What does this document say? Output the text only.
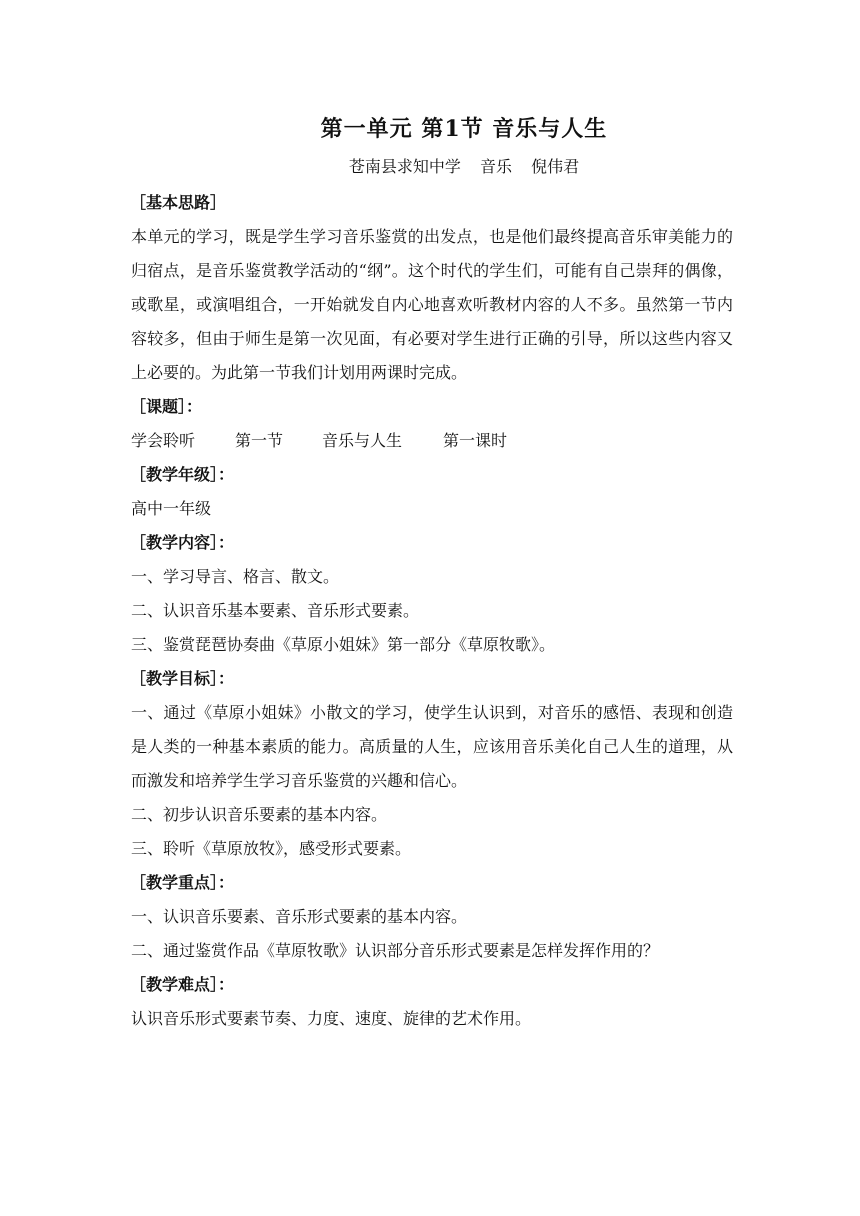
第一单元 第1节 音乐与人生
苍南县求知中学 音乐 倪伟君
［基本思路］
本单元的学习，既是学生学习音乐鉴赏的出发点，也是他们最终提高音乐审美能力的归宿点，是音乐鉴赏教学活动的“纲”。这个时代的学生们，可能有自己崇拜的偶像，或歌星，或演唱组合，一开始就发自内心地喜欢听教材内容的人不多。虽然第一节内容较多，但由于师生是第一次见面，有必要对学生进行正确的引导，所以这些内容又上必要的。为此第一节我们计划用两课时完成。
［课题］：
学会聆听 第一节 音乐与人生	第一课时
［教学年级］：
高中一年级
［教学内容］：
一、学习导言、格言、散文。
二、认识音乐基本要素、音乐形式要素。
三、鉴赏琵琶协奏曲《草原小姐妹》第一部分《草原牧歌》。
［教学目标］：
一、通过《草原小姐妹》小散文的学习，使学生认识到，对音乐的感悟、表现和创造是人类的一种基本素质的能力。高质量的人生，应该用音乐美化自己人生的道理，从而激发和培养学生学习音乐鉴赏的兴趣和信心。
二、初步认识音乐要素的基本内容。
三、聆听《草原放牧》，感受形式要素。
［教学重点］：
一、认识音乐要素、音乐形式要素的基本内容。
二、通过鉴赏作品《草原牧歌》认识部分音乐形式要素是怎样发挥作用的？
［教学难点］：
认识音乐形式要素节奏、力度、速度、旋律的艺术作用。
